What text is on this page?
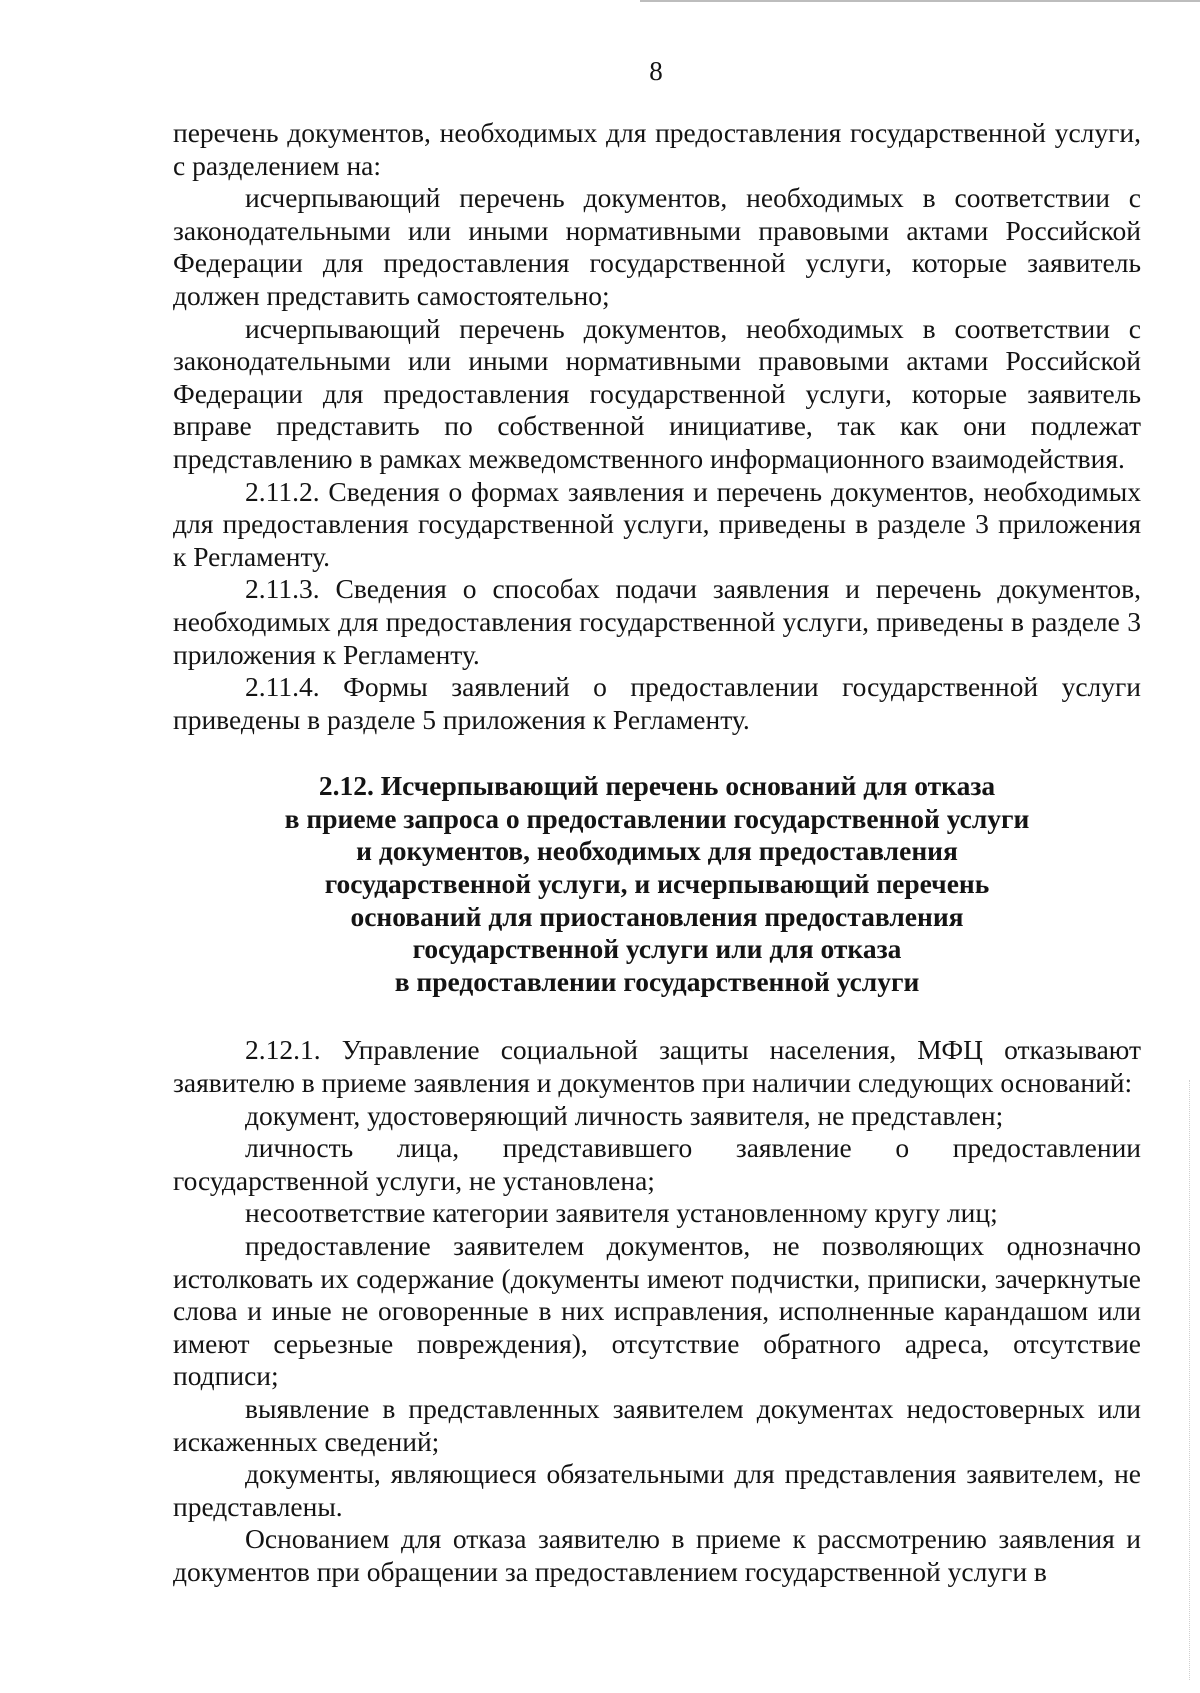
8

перечень документов, необходимых для предоставления государственной услуги, с разделением на:

исчерпывающий перечень документов, необходимых в соответствии с законодательными или иными нормативными правовыми актами Российской Федерации для предоставления государственной услуги, которые заявитель должен представить самостоятельно;

исчерпывающий перечень документов, необходимых в соответствии с законодательными или иными нормативными правовыми актами Российской Федерации для предоставления государственной услуги, которые заявитель вправе представить по собственной инициативе, так как они подлежат представлению в рамках межведомственного информационного взаимодействия.

2.11.2. Сведения о формах заявления и перечень документов, необходимых для предоставления государственной услуги, приведены в разделе 3 приложения к Регламенту.

2.11.3. Сведения о способах подачи заявления и перечень документов, необходимых для предоставления государственной услуги, приведены в разделе 3 приложения к Регламенту.

2.11.4. Формы заявлений о предоставлении государственной услуги приведены в разделе 5 приложения к Регламенту.

2.12. Исчерпывающий перечень оснований для отказа
в приеме запроса о предоставлении государственной услуги
и документов, необходимых для предоставления
государственной услуги, и исчерпывающий перечень
оснований для приостановления предоставления
государственной услуги или для отказа
в предоставлении государственной услуги

2.12.1. Управление социальной защиты населения, МФЦ отказывают заявителю в приеме заявления и документов при наличии следующих оснований:

документ, удостоверяющий личность заявителя, не представлен;

личность лица, представившего заявление о предоставлении государственной услуги, не установлена;

несоответствие категории заявителя установленному кругу лиц;

предоставление заявителем документов, не позволяющих однозначно истолковать их содержание (документы имеют подчистки, приписки, зачеркнутые слова и иные не оговоренные в них исправления, исполненные карандашом или имеют серьезные повреждения), отсутствие обратного адреса, отсутствие подписи;

выявление в представленных заявителем документах недостоверных или искаженных сведений;

документы, являющиеся обязательными для представления заявителем, не представлены.

Основанием для отказа заявителю в приеме к рассмотрению заявления и документов при обращении за предоставлением государственной услуги в
